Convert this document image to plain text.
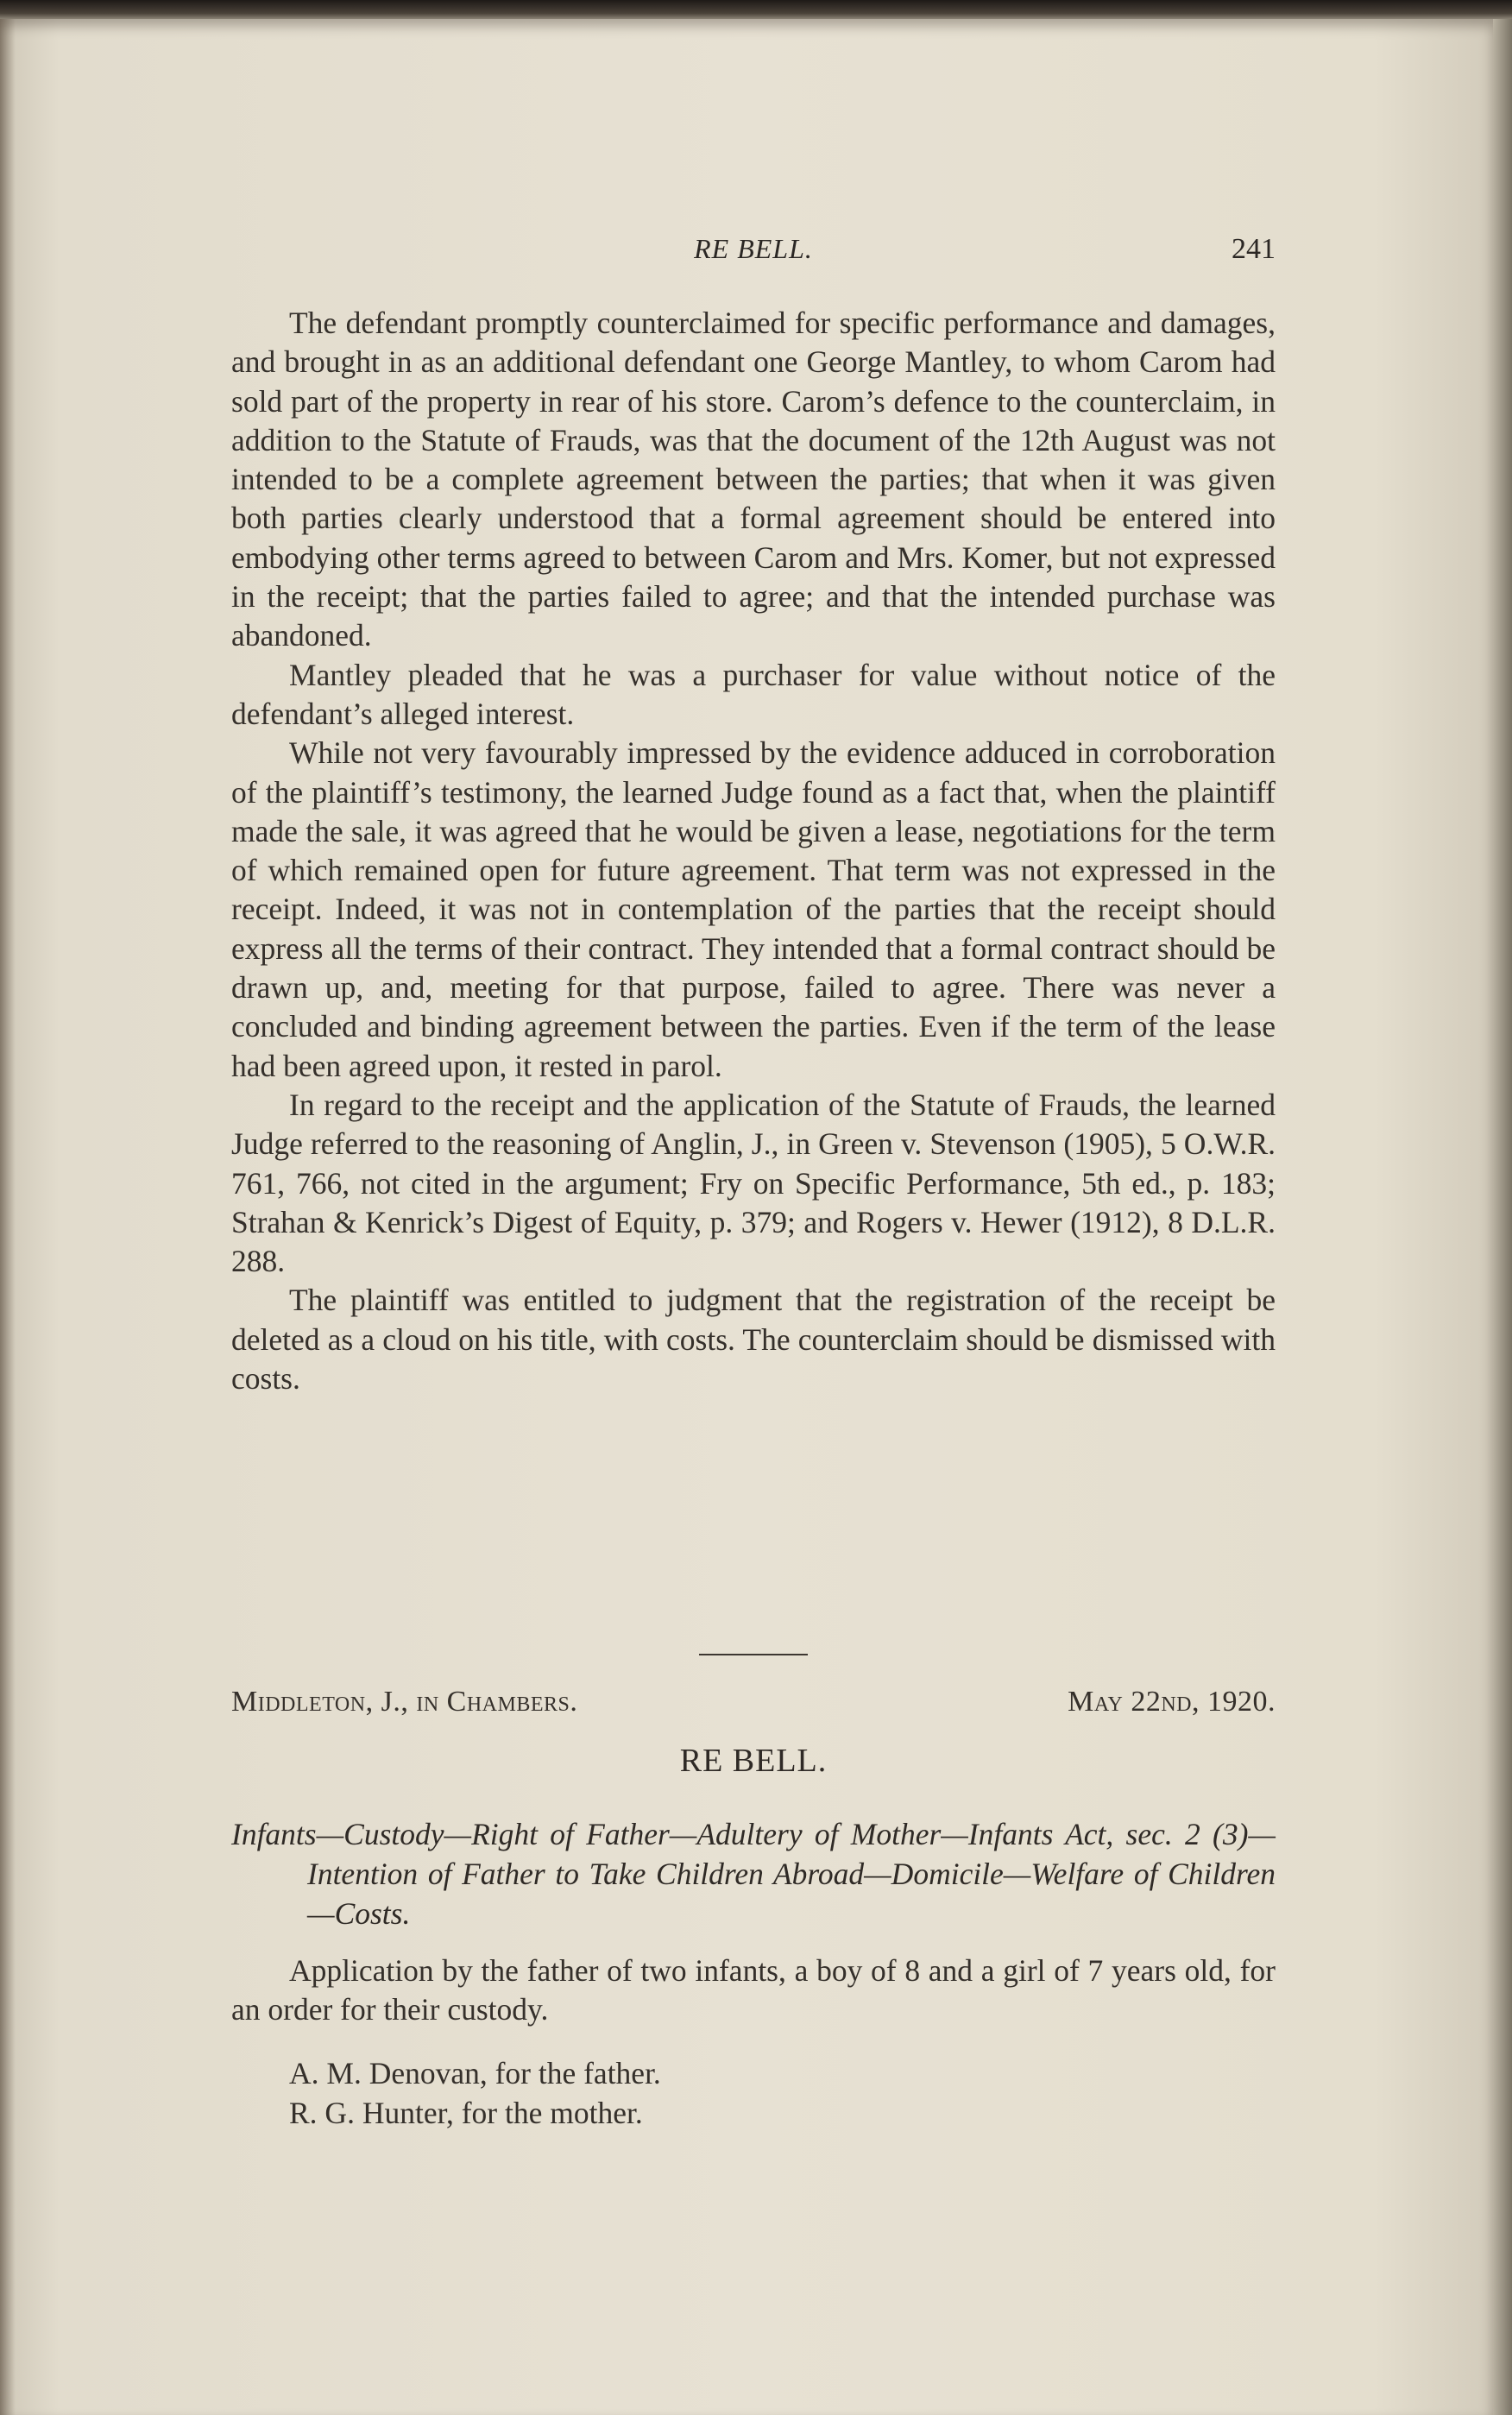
RE BELL.	241

The defendant promptly counterclaimed for specific performance and damages, and brought in as an additional defendant one George Mantley, to whom Carom had sold part of the property in rear of his store. Carom’s defence to the counterclaim, in addition to the Statute of Frauds, was that the document of the 12th August was not intended to be a complete agreement between the parties; that when it was given both parties clearly understood that a formal agreement should be entered into embodying other terms agreed to between Carom and Mrs. Komer, but not expressed in the receipt; that the parties failed to agree; and that the intended purchase was abandoned.

Mantley pleaded that he was a purchaser for value without notice of the defendant’s alleged interest.

While not very favourably impressed by the evidence adduced in corroboration of the plaintiff’s testimony, the learned Judge found as a fact that, when the plaintiff made the sale, it was agreed that he would be given a lease, negotiations for the term of which remained open for future agreement. That term was not expressed in the receipt. Indeed, it was not in contemplation of the parties that the receipt should express all the terms of their contract. They intended that a formal contract should be drawn up, and, meeting for that purpose, failed to agree. There was never a concluded and binding agreement between the parties. Even if the term of the lease had been agreed upon, it rested in parol.

In regard to the receipt and the application of the Statute of Frauds, the learned Judge referred to the reasoning of Anglin, J., in Green v. Stevenson (1905), 5 O.W.R. 761, 766, not cited in the argument; Fry on Specific Performance, 5th ed., p. 183; Strahan & Kenrick’s Digest of Equity, p. 379; and Rogers v. Hewer (1912), 8 D.L.R. 288.

The plaintiff was entitled to judgment that the registration of the receipt be deleted as a cloud on his title, with costs. The counterclaim should be dismissed with costs.

Middleton, J., in Chambers.	May 22nd, 1920.
RE BELL.
Infants—Custody—Right of Father—Adultery of Mother—Infants Act, sec. 2 (3)—Intention of Father to Take Children Abroad—Domicile—Welfare of Children—Costs.

Application by the father of two infants, a boy of 8 and a girl of 7 years old, for an order for their custody.

A. M. Denovan, for the father.
R. G. Hunter, for the mother.
